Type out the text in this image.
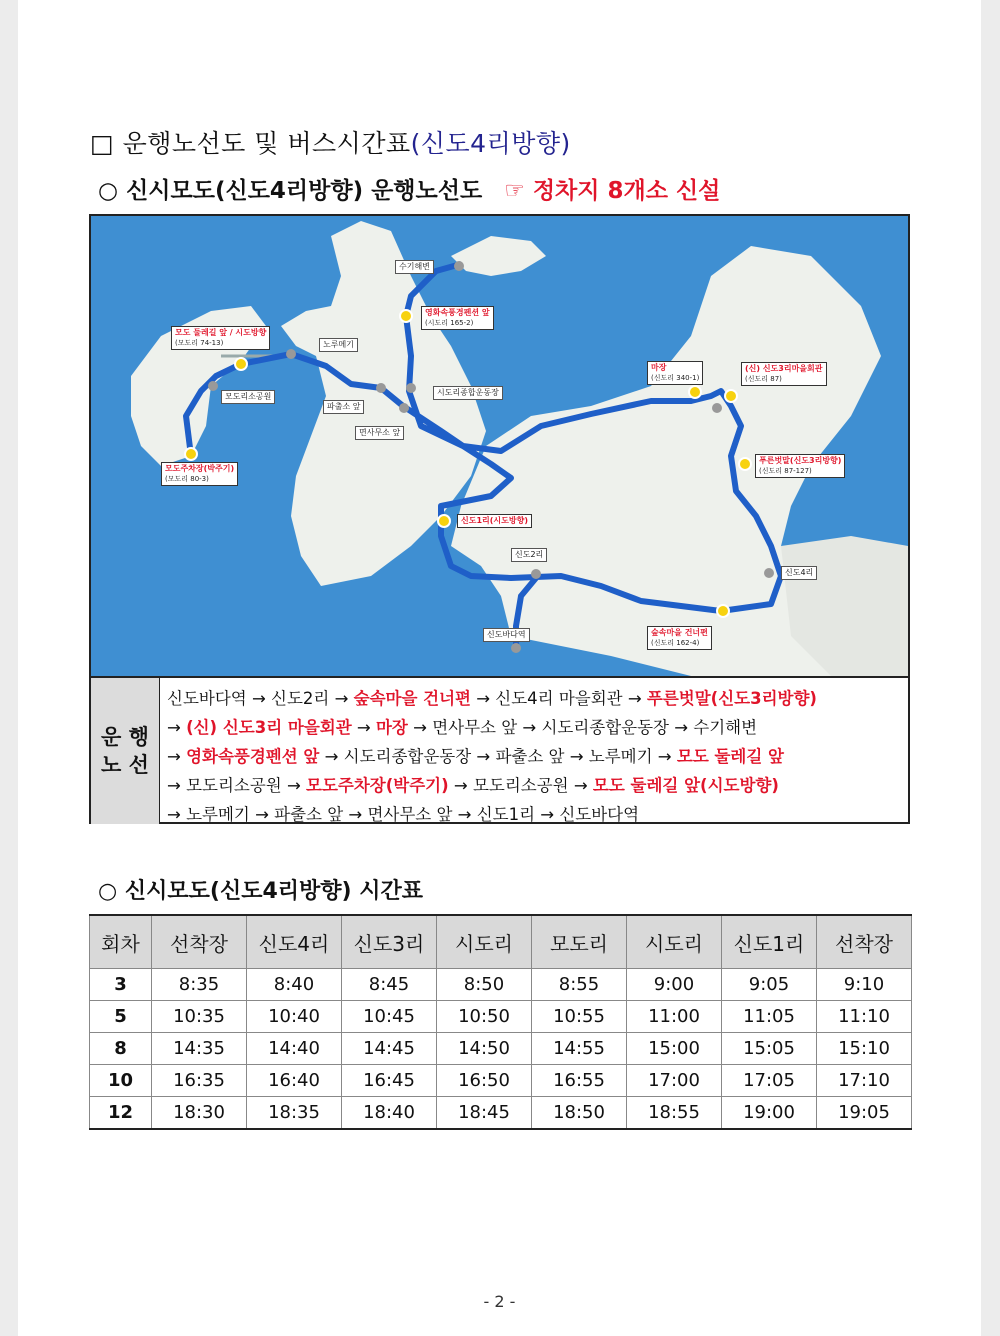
□ 운행노선도 및 버스시간표(신도4리방향)
○ 신시모도(신도4리방향) 운행노선도 ☞ 정차지 8개소 신설
수기해변
영화속풍경펜션 앞
(시도리 165-2)
모도 둘레길 앞 / 시도방향
(모도리 74-13)	노루메기
모도리소공원
파출소 앞
시도리종합운동장
면사무소 앞
모도주차장(박주기)
(모도리 80-3)
마장
(신도리 340-1)
(신) 신도3리마을회관
(신도리 87)
푸른벗말(신도3리방향)
(신도리 87-127)
신도1리(시도방향)
신도2리
신도4리
신도바다역	숲속마을 건너편
(신도리 162-4)
운 행
노 선
신도바다역 → 신도2리 → 숲속마을 건너편 → 신도4리 마을회관 → 푸른벗말(신도3리방향)
→ (신) 신도3리 마을회관 → 마장 → 면사무소 앞 → 시도리종합운동장 → 수기해변
→ 영화속풍경펜션 앞 → 시도리종합운동장 → 파출소 앞 → 노루메기 → 모도 둘레길 앞
→ 모도리소공원 → 모도주차장(박주기) → 모도리소공원 → 모도 둘레길 앞(시도방향)
→ 노루메기 → 파출소 앞 → 면사무소 앞 → 신도1리 → 신도바다역
○ 신시모도(신도4리방향) 시간표
회차	선착장	신도4리	신도3리	시도리	모도리	시도리	신도1리	선착장
3	8:35	8:40	8:45	8:50	8:55	9:00	9:05	9:10
5	10:35	10:40	10:45	10:50	10:55	11:00	11:05	11:10
8	14:35	14:40	14:45	14:50	14:55	15:00	15:05	15:10
10	16:35	16:40	16:45	16:50	16:55	17:00	17:05	17:10
12	18:30	18:35	18:40	18:45	18:50	18:55	19:00	19:05
- 2 -
